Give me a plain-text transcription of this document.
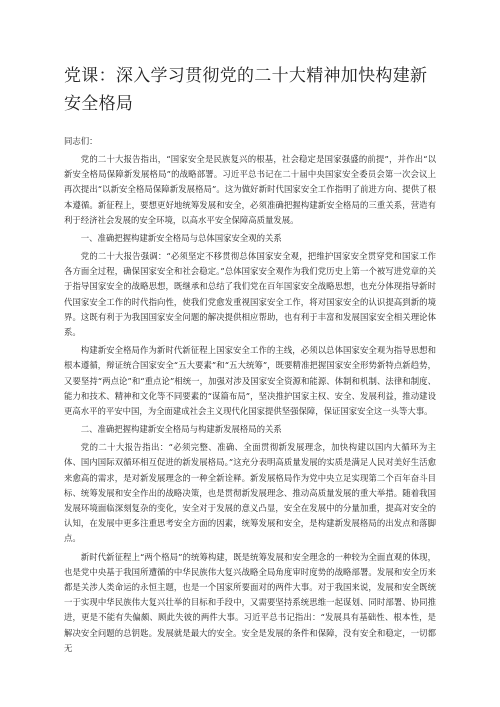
党课：深入学习贯彻党的二十大精神加快构建新安全格局

同志们：

党的二十大报告指出，“国家安全是民族复兴的根基，社会稳定是国家强盛的前提”，并作出“以新安全格局保障新发展格局”的战略部署。习近平总书记在二十届中央国家安全委员会第一次会议上再次提出“以新安全格局保障新发展格局”。这为做好新时代国家安全工作指明了前进方向、提供了根本遵循。新征程上，要想更好地统筹发展和安全，必须准确把握构建新安全格局的三重关系，营造有利于经济社会发展的安全环境，以高水平安全保障高质量发展。

一、准确把握构建新安全格局与总体国家安全观的关系

党的二十大报告强调：“必须坚定不移贯彻总体国家安全观，把维护国家安全贯穿党和国家工作各方面全过程，确保国家安全和社会稳定。”总体国家安全观作为我们党历史上第一个被写进党章的关于指导国家安全的战略思想，既继承和总结了我们党在百年国家安全战略思想，也充分体现指导新时代国家安全工作的时代指向性，使我们党愈发重视国家安全工作，将对国家安全的认识提高到新的境界。这既有利于为我国国家安全问题的解决提供相应帮助，也有利于丰富和发展国家安全相关理论体系。

构建新安全格局作为新时代新征程上国家安全工作的主线，必须以总体国家安全观为指导思想和根本遵循，辩证统合国家安全“五大要素”和“五大统筹”，既要精准把握国家安全形势新特点新趋势，又要坚持“两点论”和“重点论”相统一，加强对涉及国家安全资源和能源、体制和机制、法律和制度、能力和技术、精神和文化等不同要素的“谋篇布局”，坚决推护国家主权、安全、发展利益，推动建设更高水平的平安中国，为全面建成社会主义现代化国家提供坚强保障，保证国家安全这一头等大事。

二、准确把握构建新安全格局与构建新发展格局的关系

党的二十大报告指出：“必须完整、准确、全面贯彻新发展理念，加快构建以国内大循环为主体、国内国际双循环相互促进的新发展格局。”这充分表明高质量发展的实质是满足人民对美好生活愈来愈高的需求，是对新发展理念的一种全新诠释。新发展格局作为党中央立足实现第二个百年奋斗目标、统筹发展和安全作出的战略决策，也是贯彻新发展理念、推动高质量发展的重大举措。随着我国发展环境面临深刻复杂的变化，安全对于发展的意义凸显，安全在发展中的分量加重，提高对安全的认知，在发展中更多注重思考安全方面的因素，统筹发展和安全，是构建新发展格局的出发点和落脚点。

新时代新征程上“两个格局”的统筹构建，既是统筹发展和安全理念的一种较为全面直观的体现，也是党中央基于我国所遭循的中华民族伟大复兴战略全局角度审时度势的战略部署。发展和安全历来都是关涉人类命运的永恒主题，也是一个国家所要面对的两件大事。对于我国来说，发展和安全既统一于实现中华民族伟大复兴壮举的目标和手段中，又需要坚持系统思维一起谋划、同时部署、协同推进，更是不能有失偏颇、顾此失彼的两件大事。习近平总书记指出：“发展具有基础性、根本性，是解决安全问题的总钥匙。发展就是最大的安全。安全是发展的条件和保障，没有安全和稳定，一切都无
